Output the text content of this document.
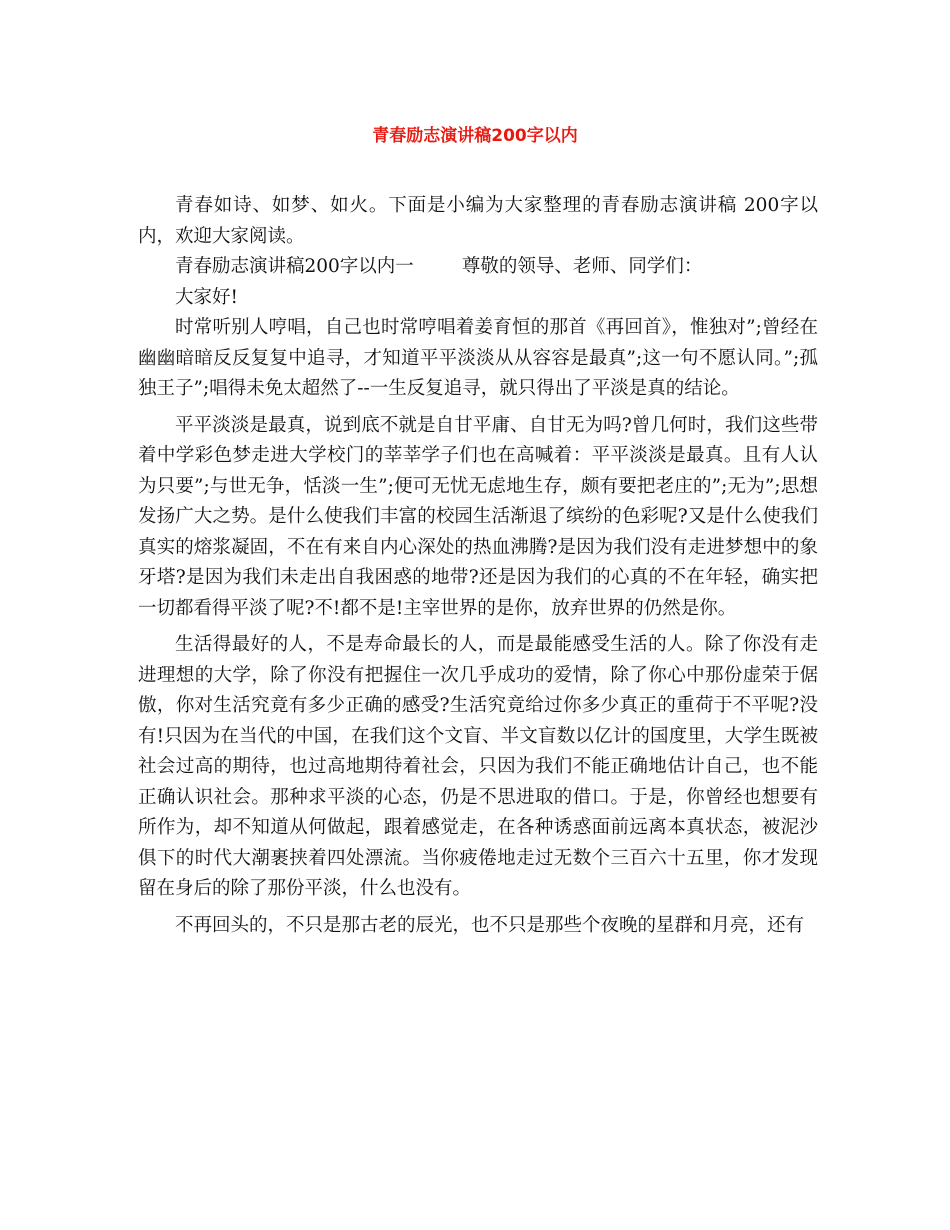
青春励志演讲稿200字以内

青春如诗、如梦、如火。下面是小编为大家整理的青春励志演讲稿 200字以内，欢迎大家阅读。

青春励志演讲稿200字以内一	尊敬的领导、老师、同学们：

大家好!

时常听别人哼唱，自己也时常哼唱着姜育恒的那首《再回首》，惟独对”;曾经在幽幽暗暗反反复复中追寻，才知道平平淡淡从从容容是最真”;这一句不愿认同。”;孤独王子”;唱得未免太超然了--一生反复追寻，就只得出了平淡是真的结论。

平平淡淡是最真，说到底不就是自甘平庸、自甘无为吗?曾几何时，我们这些带着中学彩色梦走进大学校门的莘莘学子们也在高喊着：平平淡淡是最真。且有人认为只要”;与世无争，恬淡一生”;便可无忧无虑地生存，颇有要把老庄的”;无为”;思想发扬广大之势。是什么使我们丰富的校园生活渐退了缤纷的色彩呢?又是什么使我们真实的熔浆凝固，不在有来自内心深处的热血沸腾?是因为我们没有走进梦想中的象牙塔?是因为我们未走出自我困惑的地带?还是因为我们的心真的不在年轻，确实把一切都看得平淡了呢?不!都不是!主宰世界的是你，放弃世界的仍然是你。

生活得最好的人，不是寿命最长的人，而是最能感受生活的人。除了你没有走进理想的大学，除了你没有把握住一次几乎成功的爱情，除了你心中那份虚荣于倨傲，你对生活究竟有多少正确的感受?生活究竟给过你多少真正的重荷于不平呢?没有!只因为在当代的中国，在我们这个文盲、半文盲数以亿计的国度里，大学生既被社会过高的期待，也过高地期待着社会，只因为我们不能正确地估计自己，也不能正确认识社会。那种求平淡的心态，仍是不思进取的借口。于是，你曾经也想要有所作为，却不知道从何做起，跟着感觉走，在各种诱惑面前远离本真状态，被泥沙俱下的时代大潮裹挟着四处漂流。当你疲倦地走过无数个三百六十五里，你才发现留在身后的除了那份平淡，什么也没有。

不再回头的，不只是那古老的辰光，也不只是那些个夜晚的星群和月亮，还有
